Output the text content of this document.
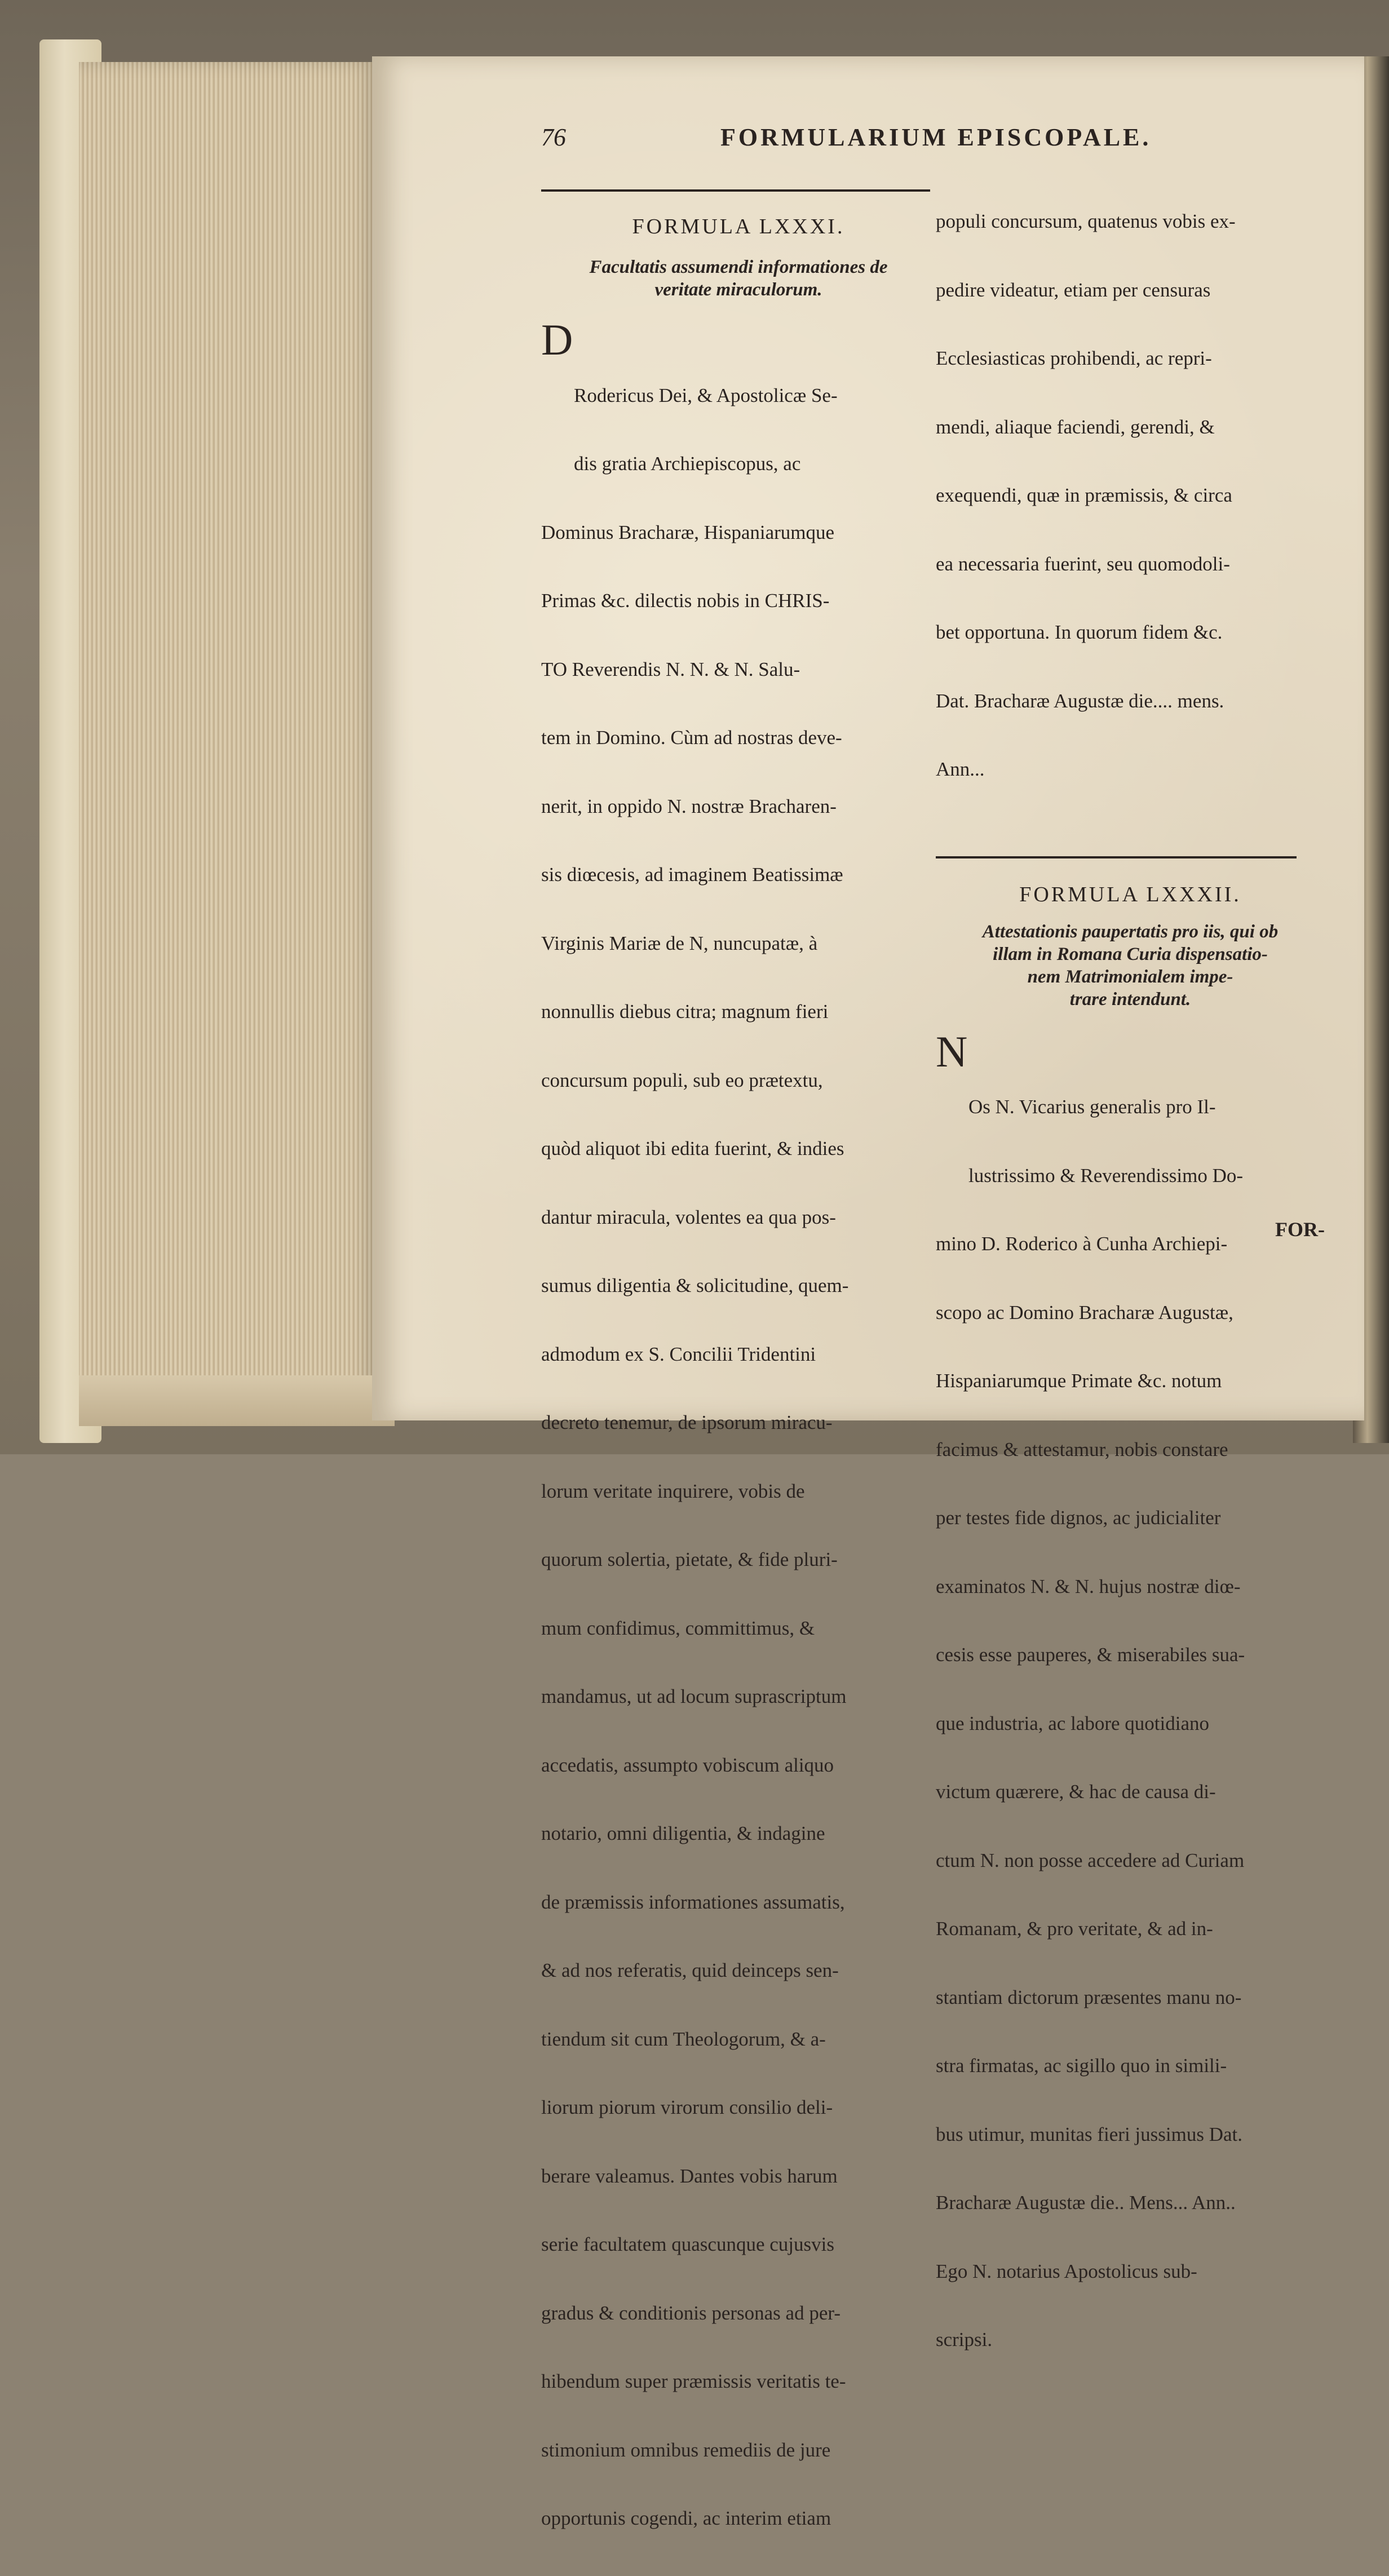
76	FORMULARIUM EPISCOPALE.

FORMULA LXXXI.

Facultatis assumendi informationes de

veritate miraculorum.

D

Rodericus Dei, & Apostolicæ Se-

dis gratia Archiepiscopus, ac

Dominus Bracharæ, Hispaniarumque

Primas &c. dilectis nobis in CHRIS-

TO Reverendis N. N. & N. Salu-

tem in Domino. Cùm ad nostras deve-

nerit, in oppido N. nostræ Bracharen-

sis diœcesis, ad imaginem Beatissimæ

Virginis Mariæ de N, nuncupatæ, à

nonnullis diebus citra; magnum fieri

concursum populi, sub eo prætextu,

quòd aliquot ibi edita fuerint, & indies

dantur miracula, volentes ea qua pos-

sumus diligentia & solicitudine, quem-

admodum ex S. Concilii Tridentini

decreto tenemur, de ipsorum miracu-

lorum veritate inquirere, vobis de

quorum solertia, pietate, & fide pluri-

mum confidimus, committimus, &

mandamus, ut ad locum suprascriptum

accedatis, assumpto vobiscum aliquo

notario, omni diligentia, & indagine

de præmissis informationes assumatis,

& ad nos referatis, quid deinceps sen-

tiendum sit cum Theologorum, & a-

liorum piorum virorum consilio deli-

berare valeamus. Dantes vobis harum

serie facultatem quascunque cujusvis

gradus & conditionis personas ad per-

hibendum super præmissis veritatis te-

stimonium omnibus remediis de jure

opportunis cogendi, ac interim etiam

populi concursum, quatenus vobis ex-

pedire videatur, etiam per censuras

Ecclesiasticas prohibendi, ac repri-

mendi, aliaque faciendi, gerendi, &

exequendi, quæ in præmissis, & circa

ea necessaria fuerint, seu quomodoli-

bet opportuna. In quorum fidem &c.

Dat. Bracharæ Augustæ die.... mens.

Ann...

FORMULA LXXXII.

Attestationis paupertatis pro iis, qui ob

illam in Romana Curia dispensatio-

nem Matrimonialem impe-

trare intendunt.

N

Os N. Vicarius generalis pro Il-

lustrissimo & Reverendissimo Do-

mino D. Roderico à Cunha Archiepi-

scopo ac Domino Bracharæ Augustæ,

Hispaniarumque Primate &c. notum

facimus & attestamur, nobis constare

per testes fide dignos, ac judicialiter

examinatos N. & N. hujus nostræ diœ-

cesis esse pauperes, & miserabiles sua-

que industria, ac labore quotidiano

victum quærere, & hac de causa di-

ctum N. non posse accedere ad Curiam

Romanam, & pro veritate, & ad in-

stantiam dictorum præsentes manu no-

stra firmatas, ac sigillo quo in simili-

bus utimur, munitas fieri jussimus Dat.

Bracharæ Augustæ die.. Mens... Ann..

Ego N. notarius Apostolicus sub-

scripsi.

FOR-
